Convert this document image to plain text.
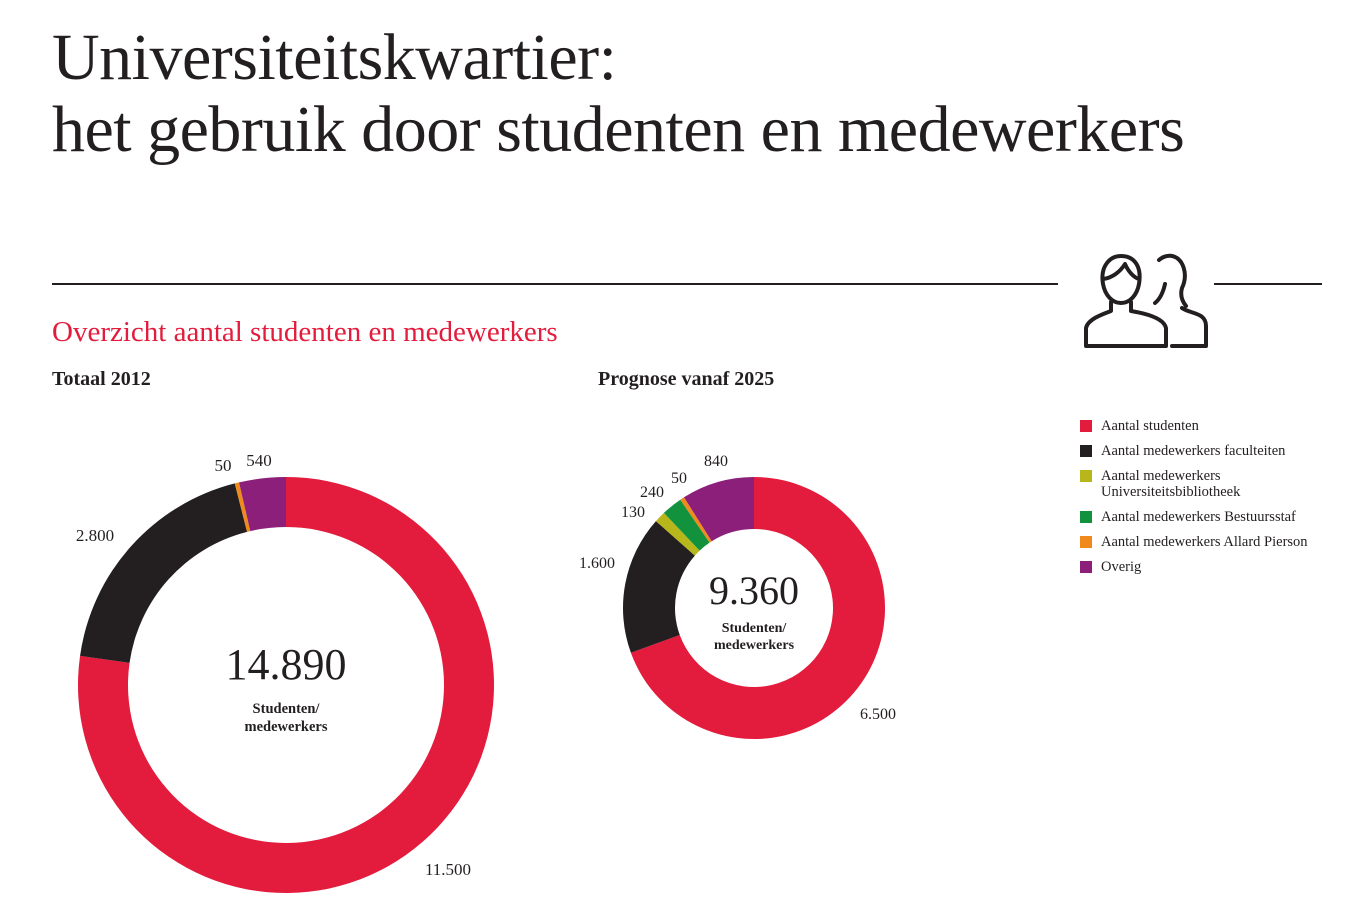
Universiteitskwartier:
het gebruik door studenten en medewerkers
Overzicht aantal studenten en medewerkers
Totaal 2012	Prognose vanaf 2025
11.500
2.800
50 540
14.890
Studenten/ medewerkers
6.500
1.600
130
240
50
840
9.360
Studenten/ medewerkers
Aantal studenten
Aantal medewerkers faculteiten
Aantal medewerkers Universiteitsbibliotheek
Aantal medewerkers Bestuursstaf
Aantal medewerkers Allard Pierson
Overig
